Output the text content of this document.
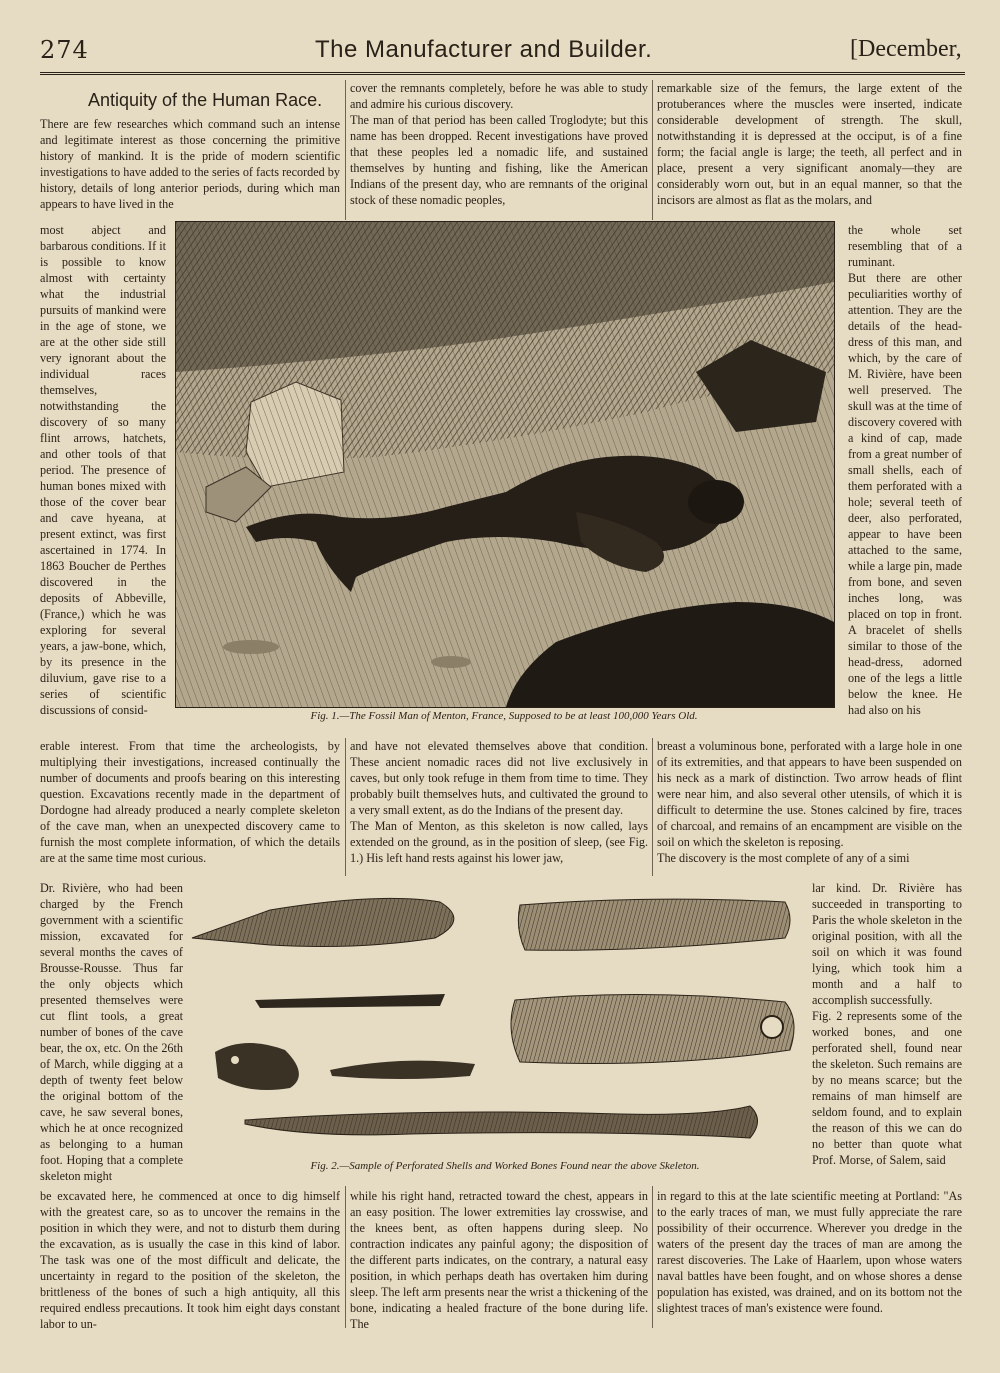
274	The Manufacturer and Builder.	[December,
Antiquity of the Human Race.

There are few researches which command such an intense and legitimate interest as those concerning the primitive history of mankind. It is the pride of modern scientific investigations to have added to the series of facts recorded by history, details of long anterior periods, during which man appears to have lived in the

most abject and barbarous conditions. If it is possible to know almost with certainty what the industrial pursuits of mankind were in the age of stone, we are at the other side still very ignorant about the individual races themselves, notwithstanding the discovery of so many flint arrows, hatchets, and other tools of that period. The presence of human bones mixed with those of the cover bear and cave hyeana, at present extinct, was first ascertained in 1774. In 1863 Boucher de Perthes discovered in the deposits of Abbeville, (France,) which he was exploring for several years, a jaw-bone, which, by its presence in the diluvium, gave rise to a series of scientific discussions of consid-

erable interest. From that time the archeologists, by multiplying their investigations, increased continually the number of documents and proofs bearing on this interesting question. Excavations recently made in the department of Dordogne had already produced a nearly complete skeleton of the cave man, when an unexpected discovery came to furnish the most complete information, of which the details are at the same time most curious.

Dr. Rivière, who had been charged by the French government with a scientific mission, excavated for several months the caves of Brousse-Rousse. Thus far the only objects which presented themselves were cut flint tools, a great number of bones of the cave bear, the ox, etc. On the 26th of March, while digging at a depth of twenty feet below the original bottom of the cave, he saw several bones, which he at once recognized as belonging to a human foot. Hoping that a complete skeleton might

be excavated here, he commenced at once to dig himself with the greatest care, so as to uncover the remains in the position in which they were, and not to disturb them during the excavation, as is usually the case in this kind of labor. The task was one of the most difficult and delicate, the uncertainty in regard to the position of the skeleton, the brittleness of the bones of such a high antiquity, all this required endless precautions. It took him eight days constant labor to un-

cover the remnants completely, before he was able to study and admire his curious discovery.
The man of that period has been called Troglodyte; but this name has been dropped. Recent investigations have proved that these peoples led a nomadic life, and sustained themselves by hunting and fishing, like the American Indians of the present day, who are remnants of the original stock of these nomadic peoples,

and have not elevated themselves above that condition. These ancient nomadic races did not live exclusively in caves, but only took refuge in them from time to time. They probably built themselves huts, and cultivated the ground to a very small extent, as do the Indians of the present day.
The Man of Menton, as this skeleton is now called, lays extended on the ground, as in the position of sleep, (see Fig. 1.) His left hand rests against his lower jaw,

while his right hand, retracted toward the chest, appears in an easy position. The lower extremities lay crosswise, and the knees bent, as often happens during sleep. No contraction indicates any painful agony; the disposition of the different parts indicates, on the contrary, a natural easy position, in which perhaps death has overtaken him during sleep. The left arm presents near the wrist a thickening of the bone, indicating a healed fracture of the bone during life. The

remarkable size of the femurs, the large extent of the protuberances where the muscles were inserted, indicate considerable development of strength. The skull, notwithstanding it is depressed at the occiput, is of a fine form; the facial angle is large; the teeth, all perfect and in place, present a very significant anomaly—they are considerably worn out, but in an equal manner, so that the incisors are almost as flat as the molars, and

the whole set resembling that of a ruminant.
But there are other peculiarities worthy of attention. They are the details of the head-dress of this man, and which, by the care of M. Rivière, have been well preserved. The skull was at the time of discovery covered with a kind of cap, made from a great number of small shells, each of them perforated with a hole; several teeth of deer, also perforated, appear to have been attached to the same, while a large pin, made from bone, and seven inches long, was placed on top in front. A bracelet of shells similar to those of the head-dress, adorned one of the legs a little below the knee. He had also on his

breast a voluminous bone, perforated with a large hole in one of its extremities, and that appears to have been suspended on his neck as a mark of distinction. Two arrow heads of flint were near him, and also several other utensils, of which it is difficult to determine the use. Stones calcined by fire, traces of charcoal, and remains of an encampment are visible on the soil on which the skeleton is reposing.
The discovery is the most complete of any of a simi

lar kind. Dr. Rivière has succeeded in transporting to Paris the whole skeleton in the original position, with all the soil on which it was found lying, which took him a month and a half to accomplish successfully.
Fig. 2 represents some of the worked bones, and one perforated shell, found near the skeleton. Such remains are by no means scarce; but the remains of man himself are seldom found, and to explain the reason of this we can do no better than quote what Prof. Morse, of Salem, said

in regard to this at the late scientific meeting at Portland: "As to the early traces of man, we must fully appreciate the rare possibility of their occurrence. Wherever you dredge in the waters of the present day the traces of man are among the rarest discoveries. The Lake of Haarlem, upon whose waters naval battles have been fought, and on whose shores a dense population has existed, was drained, and on its bottom not the slightest traces of man's existence were found.

Fig. 1.—The Fossil Man of Menton, France, Supposed to be at least 100,000 Years Old.
Fig. 2.—Sample of Perforated Shells and Worked Bones Found near the above Skeleton.
